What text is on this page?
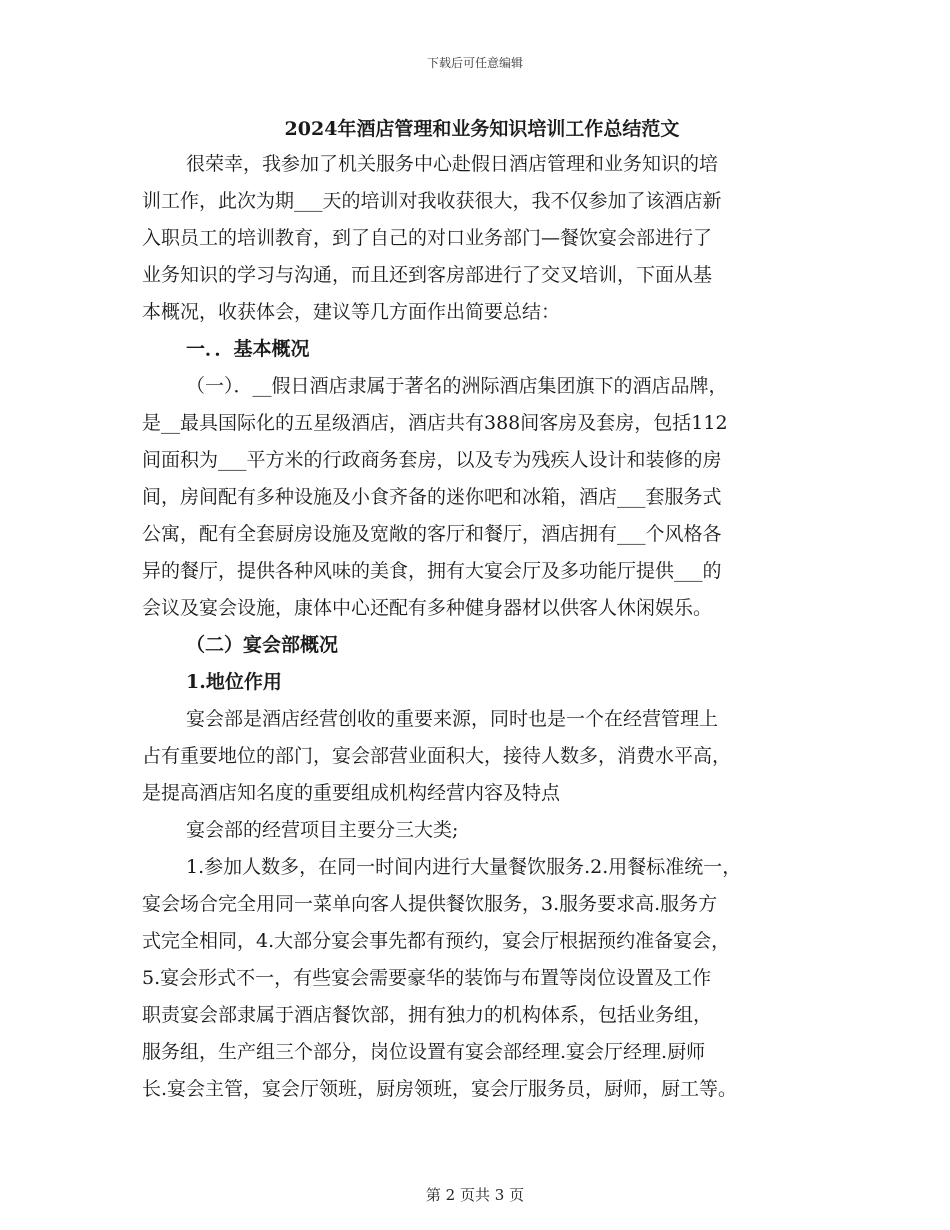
下载后可任意编辑
2024年酒店管理和业务知识培训工作总结范文
很荣幸，我参加了机关服务中心赴假日酒店管理和业务知识的培
训工作，此次为期___天的培训对我收获很大，我不仅参加了该酒店新
入职员工的培训教育，到了自己的对口业务部门—餐饮宴会部进行了
业务知识的学习与沟通，而且还到客房部进行了交叉培训，下面从基
本概况，收获体会，建议等几方面作出简要总结：
一．．基本概况
（一）．__假日酒店隶属于著名的洲际酒店集团旗下的酒店品牌，
是__最具国际化的五星级酒店，酒店共有388间客房及套房，包括112
间面积为___平方米的行政商务套房，以及专为残疾人设计和装修的房
间，房间配有多种设施及小食齐备的迷你吧和冰箱，酒店___套服务式
公寓，配有全套厨房设施及宽敞的客厅和餐厅，酒店拥有___个风格各
异的餐厅，提供各种风味的美食，拥有大宴会厅及多功能厅提供___的
会议及宴会设施，康体中心还配有多种健身器材以供客人休闲娱乐。
（二）宴会部概况
1.地位作用
宴会部是酒店经营创收的重要来源，同时也是一个在经营管理上
占有重要地位的部门，宴会部营业面积大，接待人数多，消费水平高，
是提高酒店知名度的重要组成机构经营内容及特点
宴会部的经营项目主要分三大类;
1.参加人数多，在同一时间内进行大量餐饮服务.2.用餐标准统一，
宴会场合完全用同一菜单向客人提供餐饮服务，3.服务要求高.服务方
式完全相同，4.大部分宴会事先都有预约，宴会厅根据预约准备宴会，
5.宴会形式不一，有些宴会需要豪华的装饰与布置等岗位设置及工作
职责宴会部隶属于酒店餐饮部，拥有独力的机构体系，包括业务组，
服务组，生产组三个部分，岗位设置有宴会部经理.宴会厅经理.厨师
长.宴会主管，宴会厅领班，厨房领班，宴会厅服务员，厨师，厨工等。
第 2 页共 3 页
